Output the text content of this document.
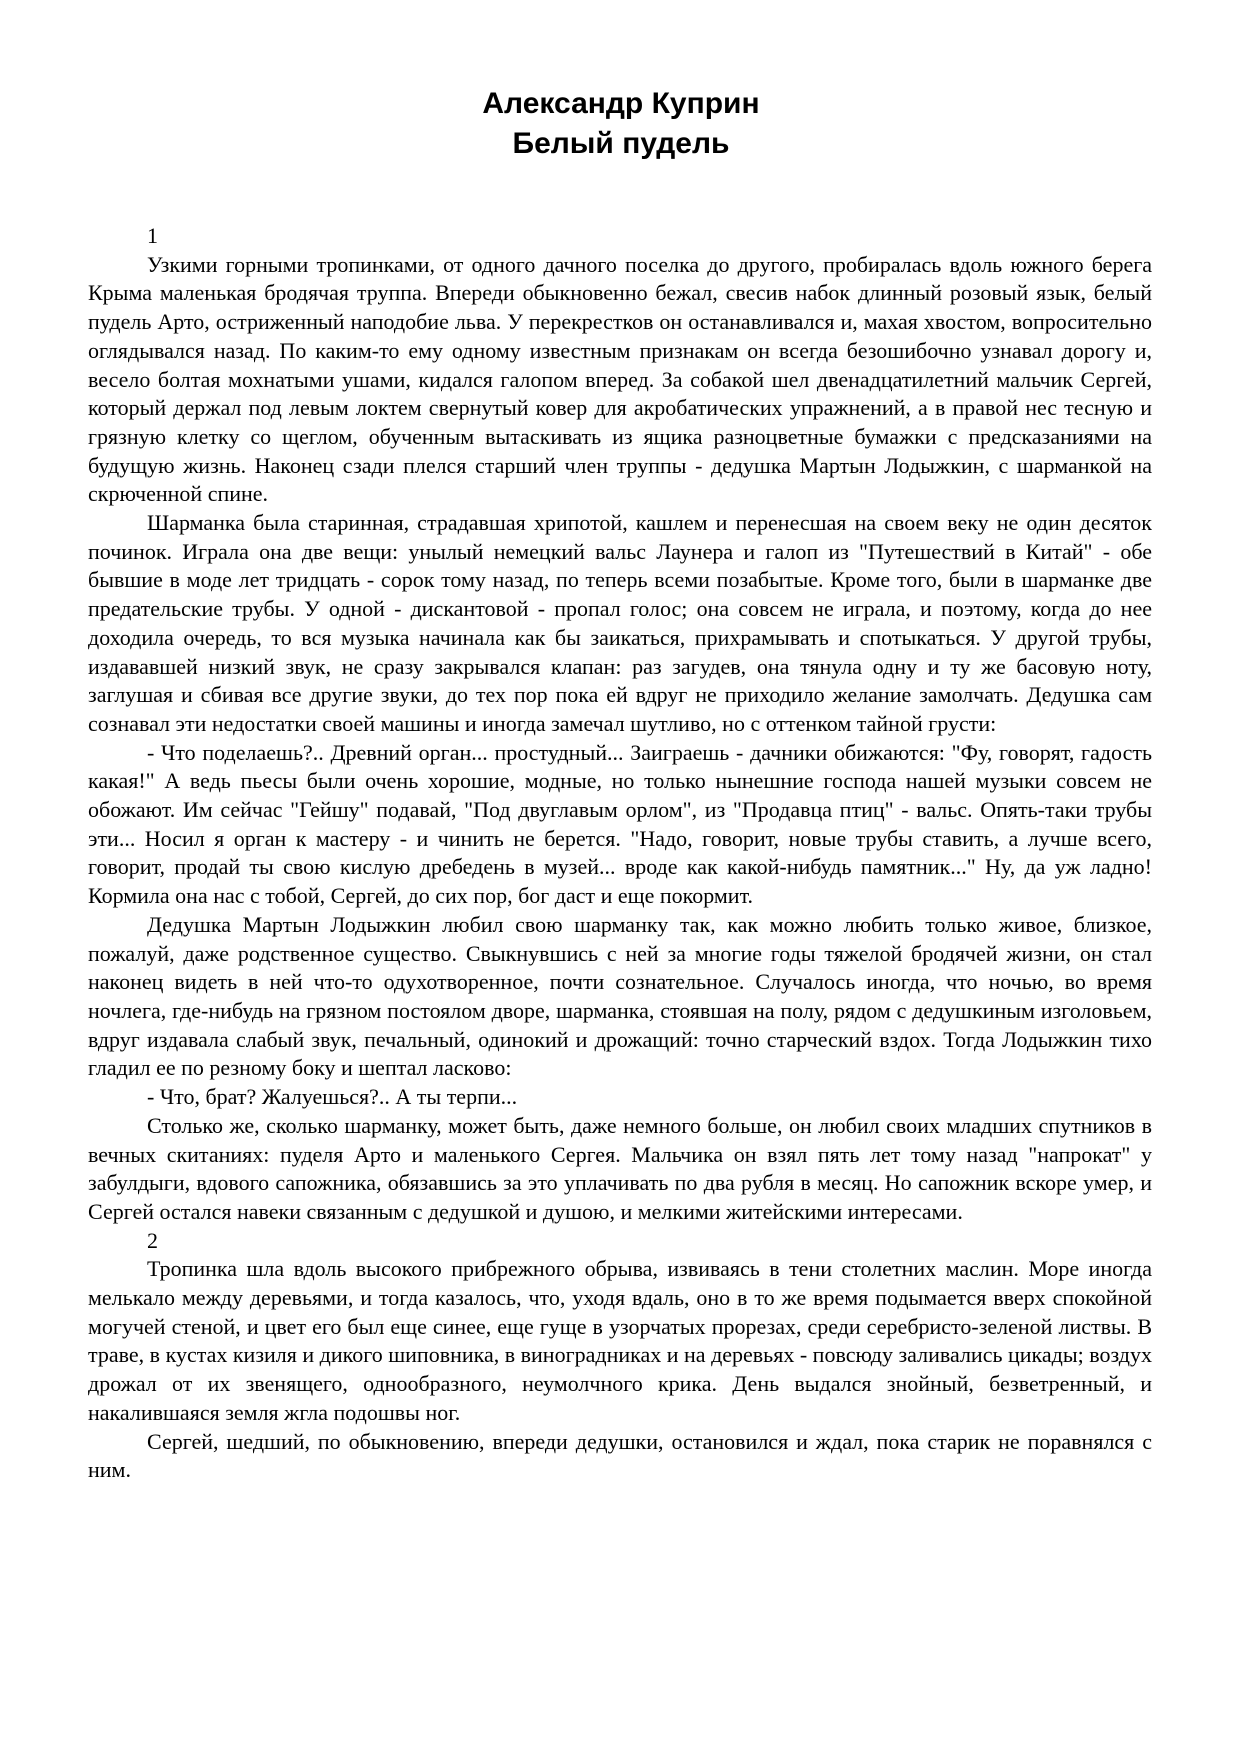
Александр Куприн
Белый пудель

1

Узкими горными тропинками, от одного дачного поселка до другого, пробиралась вдоль южного берега Крыма маленькая бродячая труппа. Впереди обыкновенно бежал, свесив набок длинный розовый язык, белый пудель Арто, остриженный наподобие льва. У перекрестков он останавливался и, махая хвостом, вопросительно оглядывался назад. По каким-то ему одному известным признакам он всегда безошибочно узнавал дорогу и, весело болтая мохнатыми ушами, кидался галопом вперед. За собакой шел двенадцатилетний мальчик Сергей, который держал под левым локтем свернутый ковер для акробатических упражнений, а в правой нес тесную и грязную клетку со щеглом, обученным вытаскивать из ящика разноцветные бумажки с предсказаниями на будущую жизнь. Наконец сзади плелся старший член труппы - дедушка Мартын Лодыжкин, с шарманкой на скрюченной спине.

Шарманка была старинная, страдавшая хрипотой, кашлем и перенесшая на своем веку не один десяток починок. Играла она две вещи: унылый немецкий вальс Лаунера и галоп из "Путешествий в Китай" - обе бывшие в моде лет тридцать - сорок тому назад, по теперь всеми позабытые. Кроме того, были в шарманке две предательские трубы. У одной - дискантовой - пропал голос; она совсем не играла, и поэтому, когда до нее доходила очередь, то вся музыка начинала как бы заикаться, прихрамывать и спотыкаться. У другой трубы, издававшей низкий звук, не сразу закрывался клапан: раз загудев, она тянула одну и ту же басовую ноту, заглушая и сбивая все другие звуки, до тех пор пока ей вдруг не приходило желание замолчать. Дедушка сам сознавал эти недостатки своей машины и иногда замечал шутливо, но с оттенком тайной грусти:

- Что поделаешь?.. Древний орган... простудный... Заиграешь - дачники обижаются: "Фу, говорят, гадость какая!" А ведь пьесы были очень хорошие, модные, но только нынешние господа нашей музыки совсем не обожают. Им сейчас "Гейшу" подавай, "Под двуглавым орлом", из "Продавца птиц" - вальс. Опять-таки трубы эти... Носил я орган к мастеру - и чинить не берется. "Надо, говорит, новые трубы ставить, а лучше всего, говорит, продай ты свою кислую дребедень в музей... вроде как какой-нибудь памятник..." Ну, да уж ладно! Кормила она нас с тобой, Сергей, до сих пор, бог даст и еще покормит.

Дедушка Мартын Лодыжкин любил свою шарманку так, как можно любить только живое, близкое, пожалуй, даже родственное существо. Свыкнувшись с ней за многие годы тяжелой бродячей жизни, он стал наконец видеть в ней что-то одухотворенное, почти сознательное. Случалось иногда, что ночью, во время ночлега, где-нибудь на грязном постоялом дворе, шарманка, стоявшая на полу, рядом с дедушкиным изголовьем, вдруг издавала слабый звук, печальный, одинокий и дрожащий: точно старческий вздох. Тогда Лодыжкин тихо гладил ее по резному боку и шептал ласково:

- Что, брат? Жалуешься?.. А ты терпи...

Столько же, сколько шарманку, может быть, даже немного больше, он любил своих младших спутников в вечных скитаниях: пуделя Арто и маленького Сергея. Мальчика он взял пять лет тому назад "напрокат" у забулдыги, вдового сапожника, обязавшись за это уплачивать по два рубля в месяц. Но сапожник вскоре умер, и Сергей остался навеки связанным с дедушкой и душою, и мелкими житейскими интересами.

2

Тропинка шла вдоль высокого прибрежного обрыва, извиваясь в тени столетних маслин. Море иногда мелькало между деревьями, и тогда казалось, что, уходя вдаль, оно в то же время подымается вверх спокойной могучей стеной, и цвет его был еще синее, еще гуще в узорчатых прорезах, среди серебристо-зеленой листвы. В траве, в кустах кизиля и дикого шиповника, в виноградниках и на деревьях - повсюду заливались цикады; воздух дрожал от их звенящего, однообразного, неумолчного крика. День выдался знойный, безветренный, и накалившаяся земля жгла подошвы ног.

Сергей, шедший, по обыкновению, впереди дедушки, остановился и ждал, пока старик не поравнялся с ним.
